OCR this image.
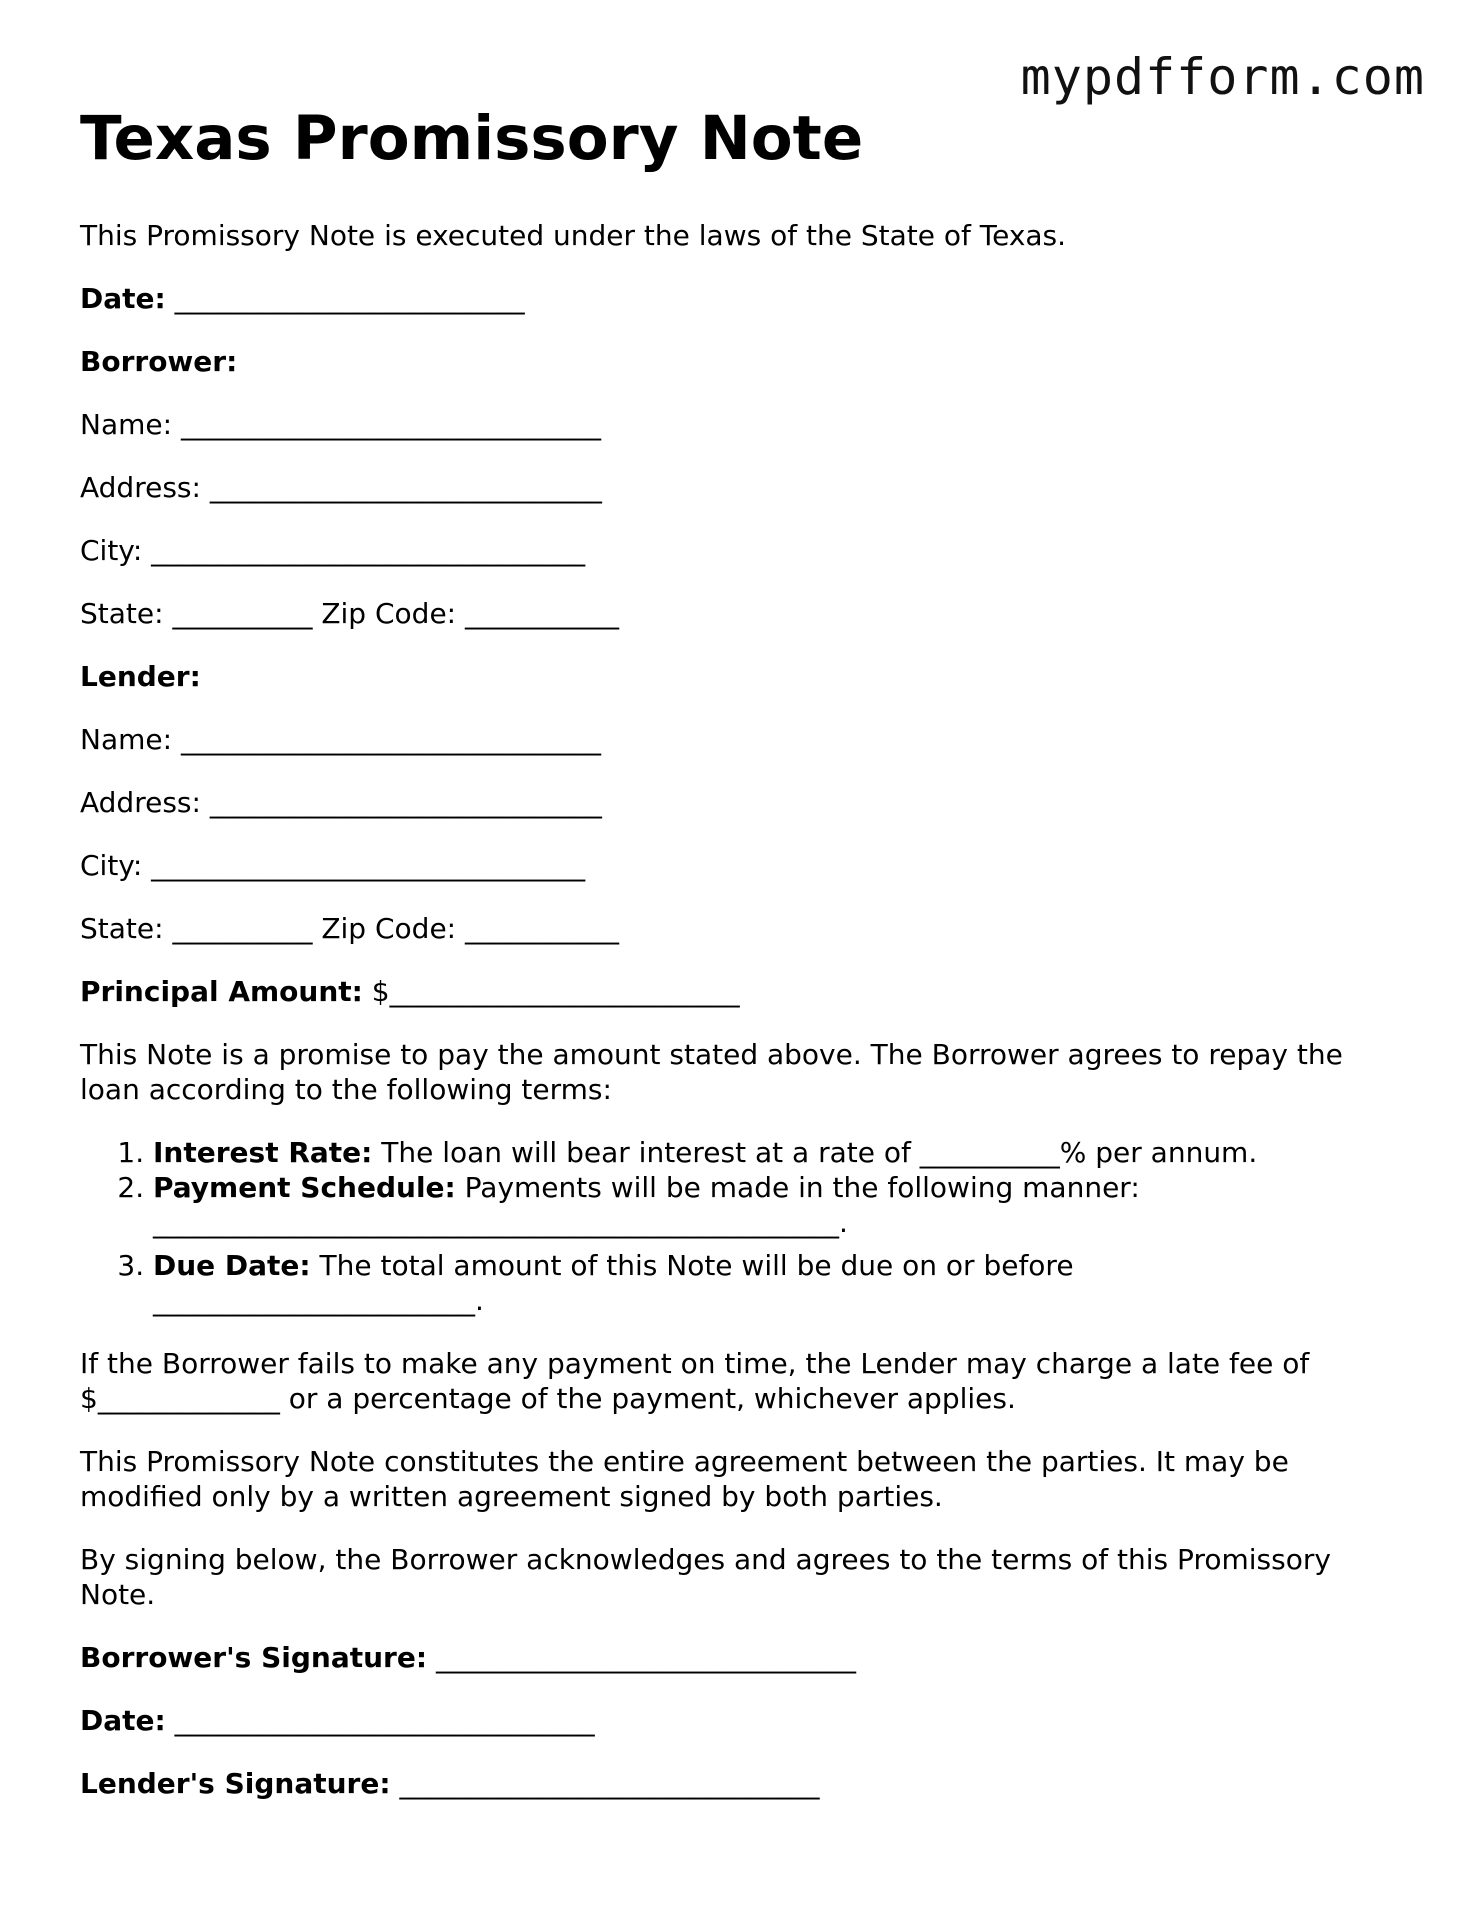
mypdfform.com
Texas Promissory Note

This Promissory Note is executed under the laws of the State of Texas.

Date: _________________________

Borrower:

Name: ______________________________

Address: ____________________________

City: _______________________________

State: __________ Zip Code: ___________

Lender:

Name: ______________________________

Address: ____________________________

City: _______________________________

State: __________ Zip Code: ___________

Principal Amount: $_________________________

This Note is a promise to pay the amount stated above. The Borrower agrees to repay the loan according to the following terms:

1. Interest Rate: The loan will bear interest at a rate of __________% per annum.
2. Payment Schedule: Payments will be made in the following manner: _________________________________________________.
3. Due Date: The total amount of this Note will be due on or before _______________________.

If the Borrower fails to make any payment on time, the Lender may charge a late fee of $_____________ or a percentage of the payment, whichever applies.

This Promissory Note constitutes the entire agreement between the parties. It may be modified only by a written agreement signed by both parties.

By signing below, the Borrower acknowledges and agrees to the terms of this Promissory Note.

Borrower's Signature: ______________________________

Date: ______________________________

Lender's Signature: ______________________________
